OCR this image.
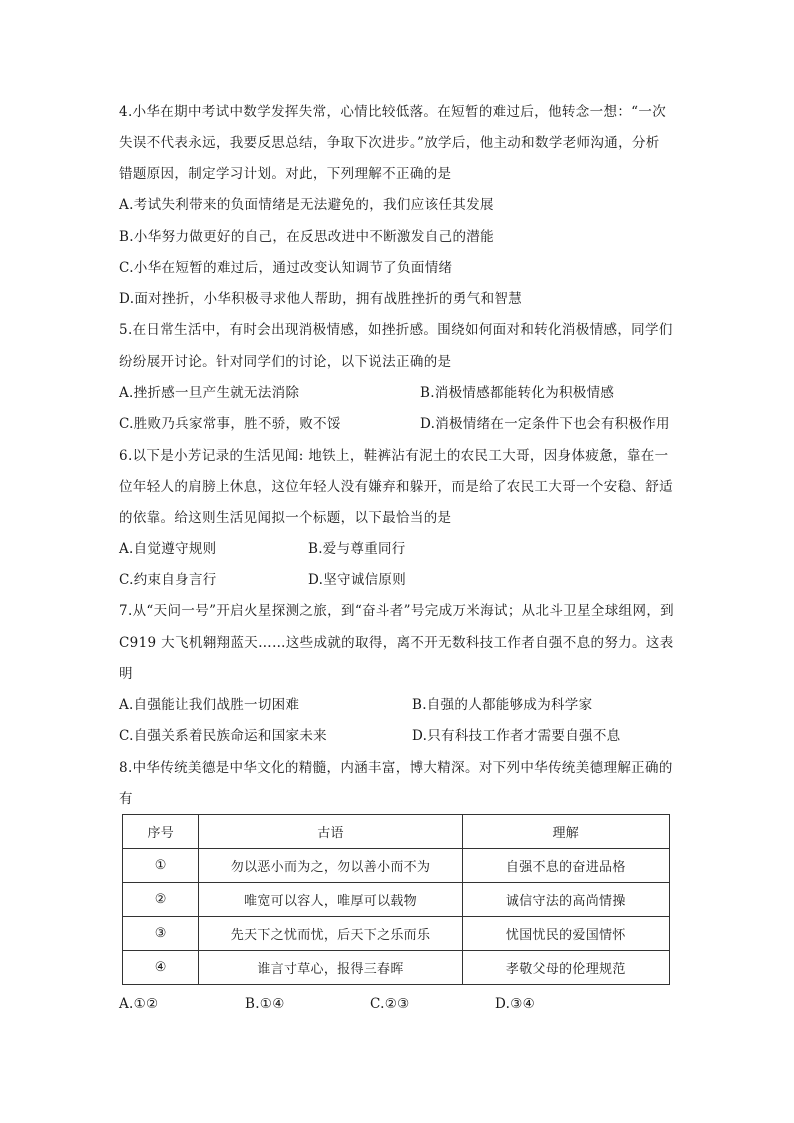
4.小华在期中考试中数学发挥失常，心情比较低落。在短暂的难过后，他转念一想：“一次
失误不代表永远，我要反思总结，争取下次进步。”放学后，他主动和数学老师沟通，分析
错题原因，制定学习计划。对此，下列理解不正确的是
A.考试失利带来的负面情绪是无法避免的，我们应该任其发展
B.小华努力做更好的自己，在反思改进中不断激发自己的潜能
C.小华在短暂的难过后，通过改变认知调节了负面情绪
D.面对挫折，小华积极寻求他人帮助，拥有战胜挫折的勇气和智慧
5.在日常生活中，有时会出现消极情感，如挫折感。围绕如何面对和转化消极情感，同学们
纷纷展开讨论。针对同学们的讨论，以下说法正确的是
A.挫折感一旦产生就无法消除	B.消极情感都能转化为积极情感
C.胜败乃兵家常事，胜不骄，败不馁	D.消极情绪在一定条件下也会有积极作用
6.以下是小芳记录的生活见闻: 地铁上，鞋裤沾有泥土的农民工大哥，因身体疲惫，靠在一
位年轻人的肩膀上休息，这位年轻人没有嫌弃和躲开，而是给了农民工大哥一个安稳、舒适
的依靠。给这则生活见闻拟一个标题，以下最恰当的是
A.自觉遵守规则	B.爱与尊重同行
C.约束自身言行	D.坚守诚信原则
7.从“天问一号”开启火星探测之旅，到“奋斗者”号完成万米海试；从北斗卫星全球组网，到
C919 大飞机翱翔蓝天……这些成就的取得，离不开无数科技工作者自强不息的努力。这表
明
A.自强能让我们战胜一切困难	B.自强的人都能够成为科学家
C.自强关系着民族命运和国家未来	D.只有科技工作者才需要自强不息
8.中华传统美德是中华文化的精髓，内涵丰富，博大精深。对下列中华传统美德理解正确的
有
序号	古语	理解
①	勿以恶小而为之，勿以善小而不为	自强不息的奋进品格
②	唯宽可以容人，唯厚可以载物	诚信守法的高尚情操
③	先天下之忧而忧，后天下之乐而乐	忧国忧民的爱国情怀
④	谁言寸草心，报得三春晖	孝敬父母的伦理规范
A.①②	B.①④	C.②③	D.③④
